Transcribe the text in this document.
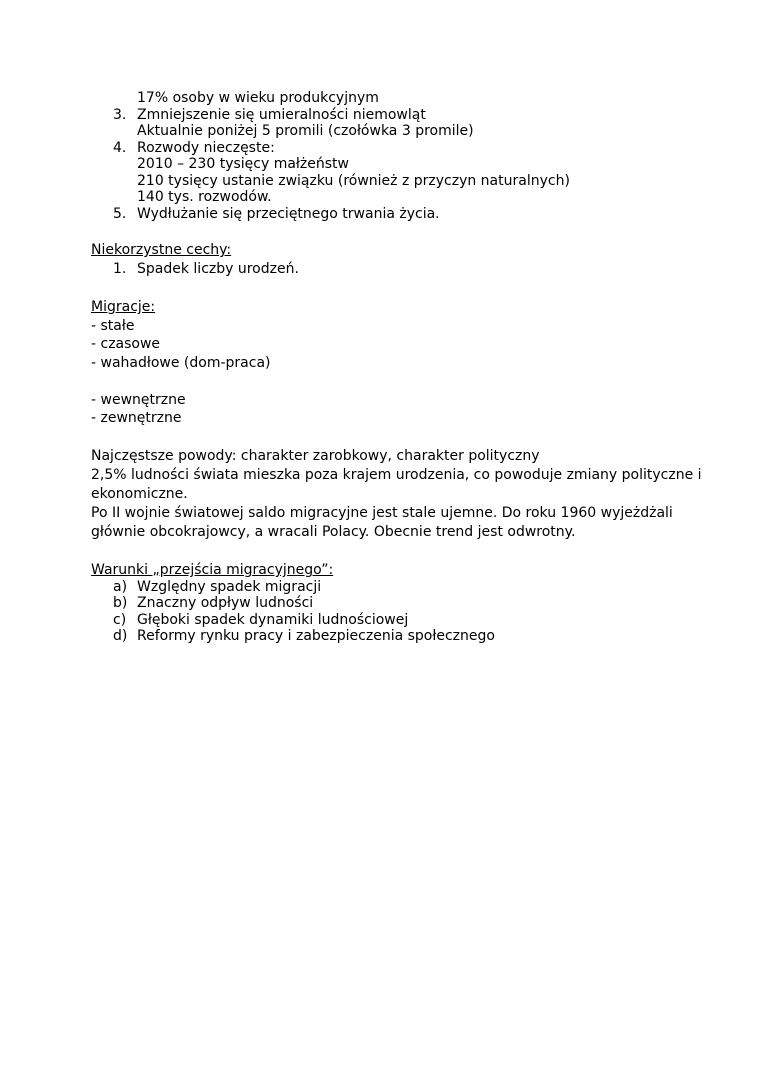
17% osoby w wieku produkcyjnym
3. Zmniejszenie się umieralności niemowląt
Aktualnie poniżej 5 promili (czołówka 3 promile)
4. Rozwody nieczęste:
2010 – 230 tysięcy małżeństw
210 tysięcy ustanie związku (również z przyczyn naturalnych)
140 tys. rozwodów.
5. Wydłużanie się przeciętnego trwania życia.
Niekorzystne cechy:
1. Spadek liczby urodzeń.
Migracje:
- stałe
- czasowe
- wahadłowe (dom-praca)
- wewnętrzne
- zewnętrzne
Najczęstsze powody: charakter zarobkowy, charakter polityczny
2,5% ludności świata mieszka poza krajem urodzenia, co powoduje zmiany polityczne i ekonomiczne.
Po II wojnie światowej saldo migracyjne jest stale ujemne. Do roku 1960 wyjeżdżali głównie obcokrajowcy, a wracali Polacy. Obecnie trend jest odwrotny.
Warunki „przejścia migracyjnego”:
a) Względny spadek migracji
b) Znaczny odpływ ludności
c) Głęboki spadek dynamiki ludnościowej
d) Reformy rynku pracy i zabezpieczenia społecznego
